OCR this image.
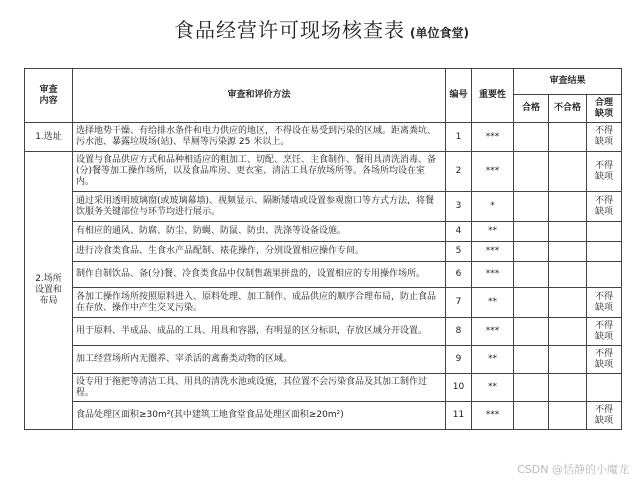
食品经营许可现场核查表 (单位食堂)
审查
内容	审查和评价方法	编号	重要性	审查结果		
				合格	不合格	合理
缺项
1.选址	选择地势干燥、有给排水条件和电力供应的地区，不得设在易受到污染的区域。距离粪坑、污水池、暴露垃圾场(站)、旱厕等污染源 25 米以上。	1	***			不得
缺项
2.场所
设置和
布局	设置与食品供应方式和品种相适应的粗加工、切配、烹饪、主食制作、餐用具清洗消毒、备(分)餐等加工操作场所，以及食品库房、更衣室、清洁工具存放场所等。各场所均设在室内。	2	***			不得
缺项
	通过采用透明玻璃窗(或玻璃幕墙)、视频显示、隔断矮墙或设置参观窗口等方式方法，将餐饮服务关键部位与环节均进行展示。	3	*			不得
缺项
	有相应的通风、防腐、防尘、防蝇、防鼠、防虫、洗涤等设备设施。	4	**			
	进行冷食类食品、生食水产品配制、裱花操作，分别设置相应操作专间。	5	***			
	制作自制饮品、备(分)餐、冷食类食品中仅制售蔬果拼盘的，设置相应的专用操作场所。	6	***			
	各加工操作场所按照原料进入、原料处理、加工制作、成品供应的顺序合理布局，防止食品在存放、操作中产生交叉污染。	7	**			不得
缺项
	用于原料、半成品、成品的工具、用具和容器，有明显的区分标识，存放区域分开设置。	8	***			不得
缺项
	加工经营场所内无圈养、宰杀活的禽畜类动物的区域。	9	**			不得
缺项
	设专用于拖把等清洁工具、用具的清洗水池或设施，其位置不会污染食品及其加工制作过程。	10	**			
	食品处理区面积≥30m²(其中建筑工地食堂食品处理区面积≥20m²)	11	***			不得
缺项
CSDN @恬静的小魔龙
